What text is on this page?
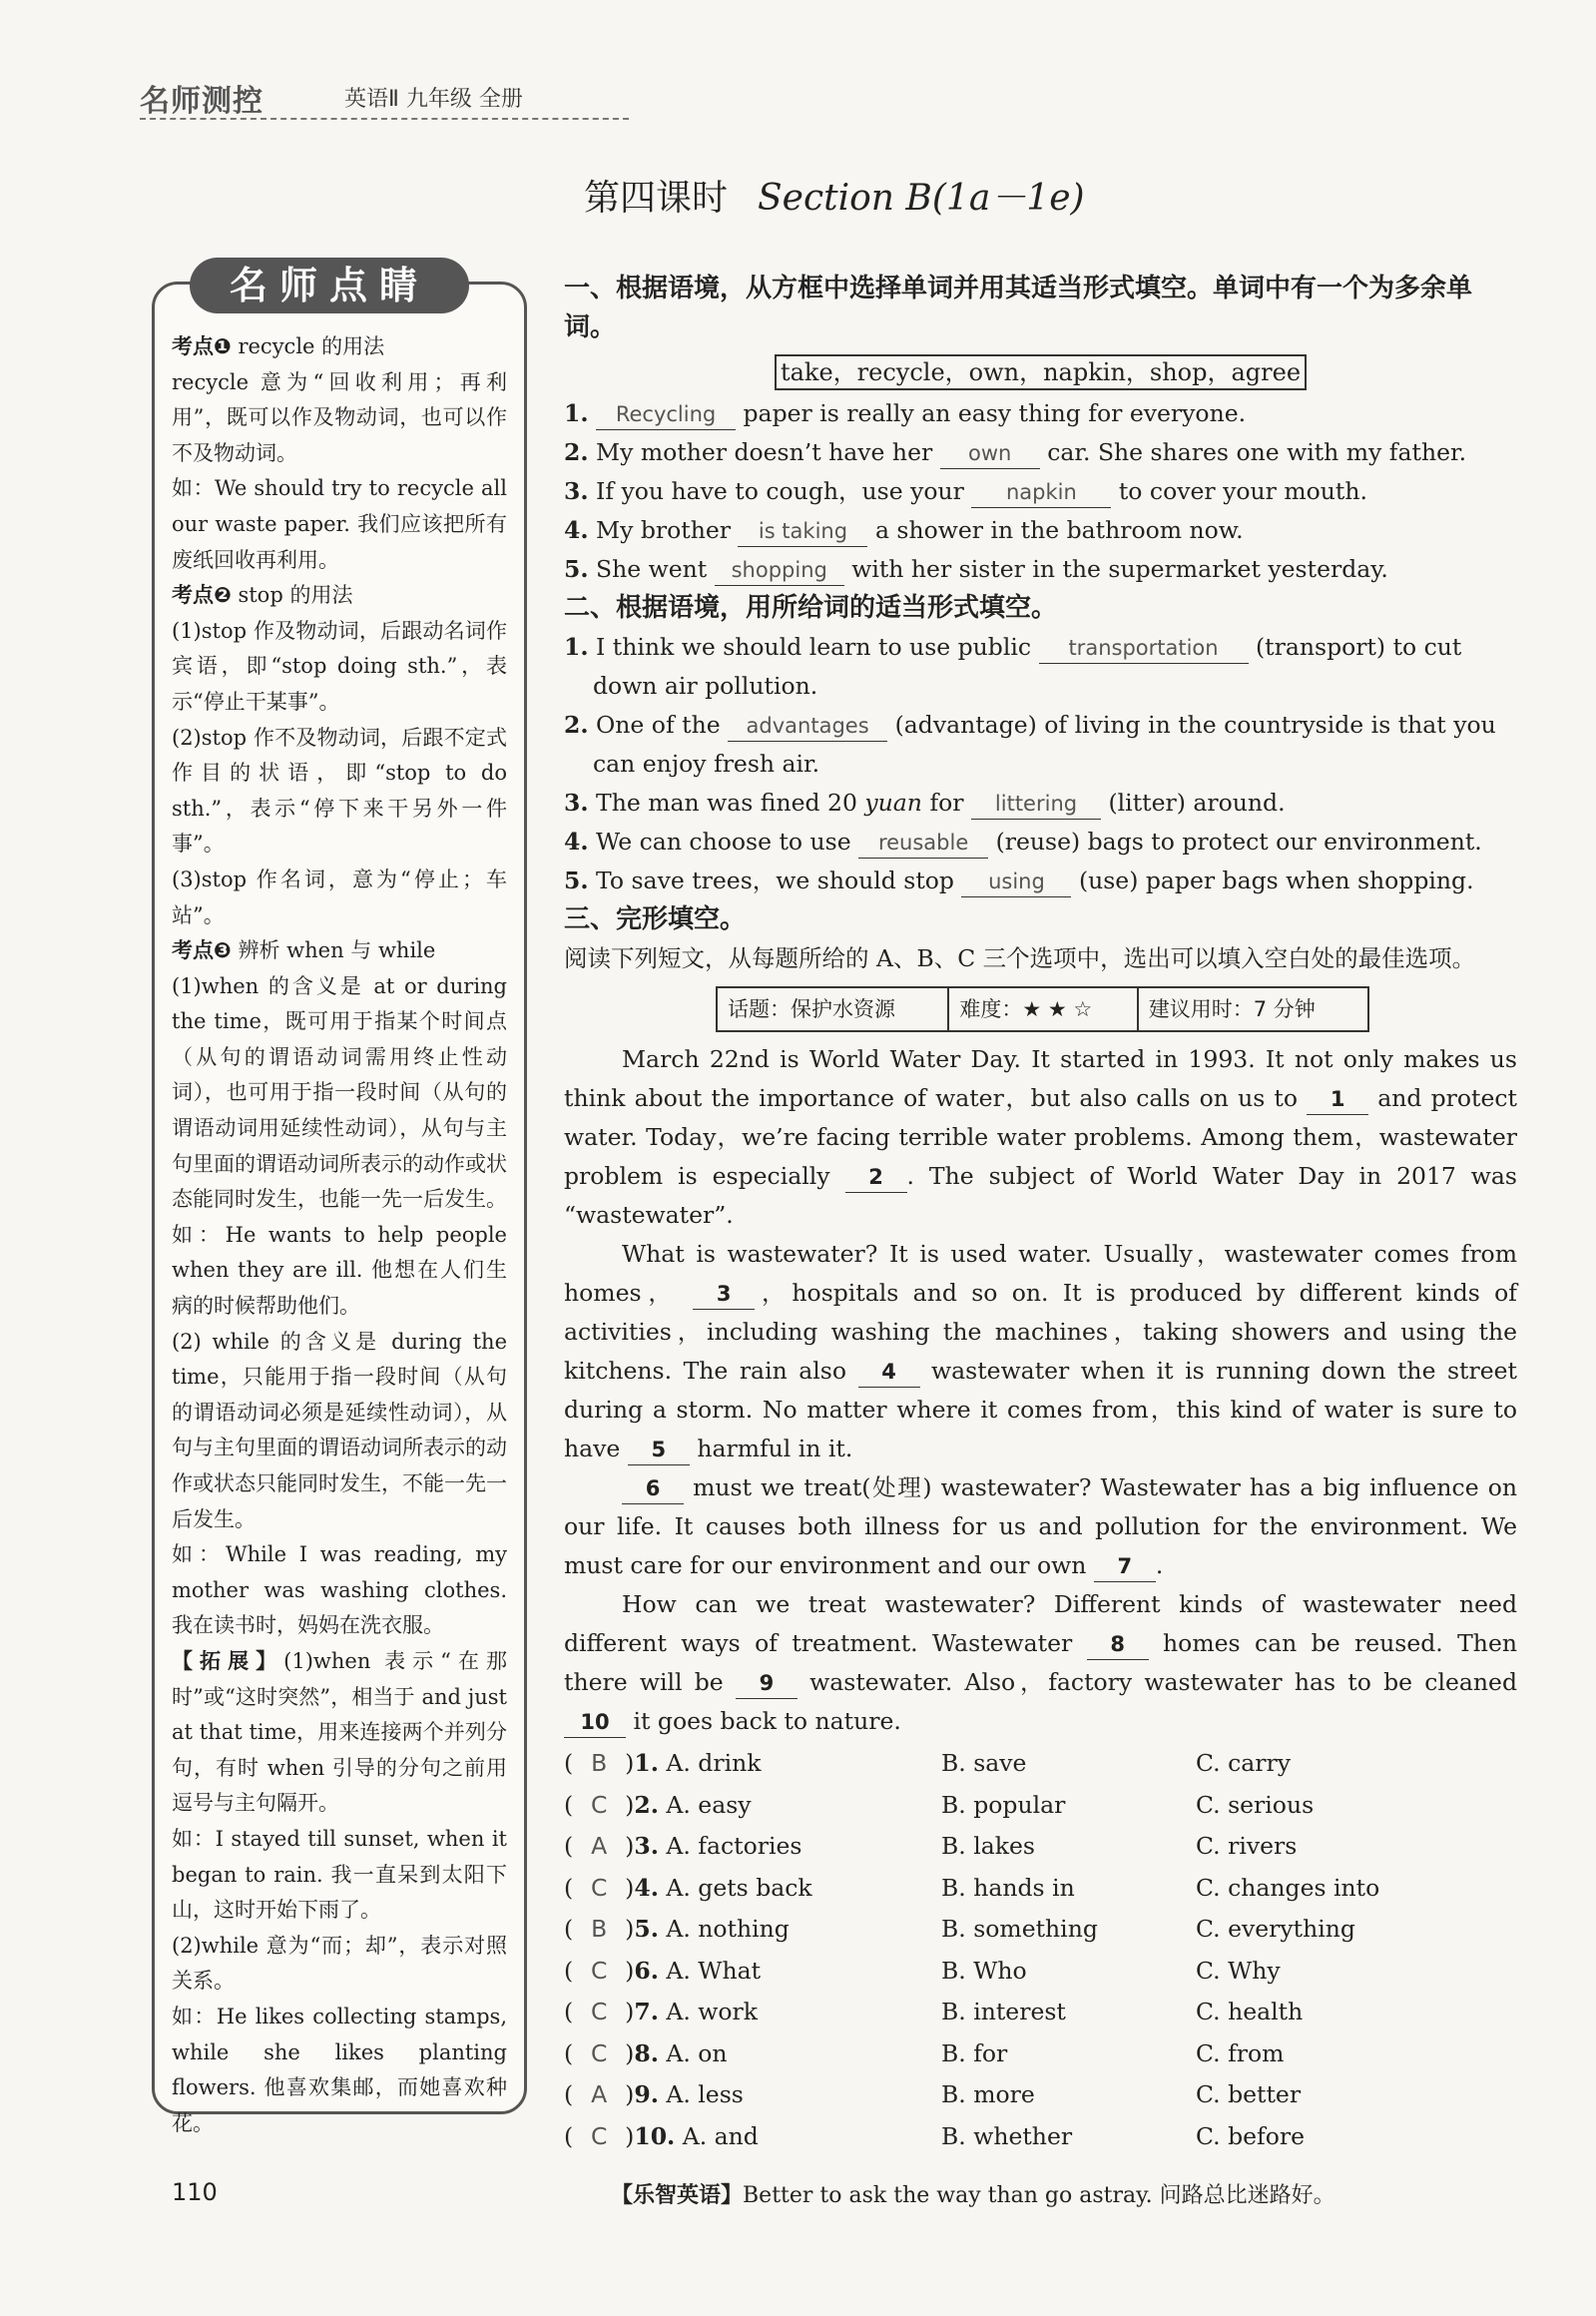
名师测控	英语Ⅱ 九年级 全册
第四课时 Section B(1a－1e)
名师点睛

考点❶ recycle 的用法

recycle 意为“回收利用；再利用”，既可以作及物动词，也可以作不及物动词。

如：We should try to recycle all our waste paper. 我们应该把所有废纸回收再利用。

考点❷ stop 的用法

(1)stop 作及物动词，后跟动名词作宾语，即“stop doing sth.”，表示“停止干某事”。

(2)stop 作不及物动词，后跟不定式作目的状语，即“stop to do sth.”，表示“停下来干另外一件事”。

(3)stop 作名词，意为“停止；车站”。

考点❸ 辨析 when 与 while

(1)when 的含义是 at or during the time，既可用于指某个时间点（从句的谓语动词需用终止性动词），也可用于指一段时间（从句的谓语动词用延续性动词），从句与主句里面的谓语动词所表示的动作或状态能同时发生，也能一先一后发生。

如：He wants to help people when they are ill. 他想在人们生病的时候帮助他们。

(2) while 的含义是 during the time，只能用于指一段时间（从句的谓语动词必须是延续性动词），从句与主句里面的谓语动词所表示的动作或状态只能同时发生，不能一先一后发生。

如：While I was reading, my mother was washing clothes. 我在读书时，妈妈在洗衣服。

【拓展】(1)when 表示“在那时”或“这时突然”，相当于 and just at that time，用来连接两个并列分句，有时 when 引导的分句之前用逗号与主句隔开。

如：I stayed till sunset, when it began to rain. 我一直呆到太阳下山，这时开始下雨了。

(2)while 意为“而；却”，表示对照关系。

如：He likes collecting stamps, while she likes planting flowers. 他喜欢集邮，而她喜欢种花。

一、根据语境，从方框中选择单词并用其适当形式填空。单词中有一个为多余单词。

take，recycle，own，napkin，shop，agree

1. Recycling paper is really an easy thing for everyone.

2. My mother doesn’t have her own car. She shares one with my father.

3. If you have to cough，use your napkin to cover your mouth.

4. My brother is taking a shower in the bathroom now.

5. She went shopping with her sister in the supermarket yesterday.

二、根据语境，用所给词的适当形式填空。

1. I think we should learn to use public transportation (transport) to cut down air pollution.

2. One of the advantages (advantage) of living in the countryside is that you can enjoy fresh air.

3. The man was fined 20 yuan for littering (litter) around.

4. We can choose to use reusable (reuse) bags to protect our environment.

5. To save trees，we should stop using (use) paper bags when shopping.

三、完形填空。

阅读下列短文，从每题所给的 A、B、C 三个选项中，选出可以填入空白处的最佳选项。

话题：保护水资源	难度：★ ★ ☆	建议用时：7 分钟

March 22nd is World Water Day. It started in 1993. It not only makes us think about the importance of water，but also calls on us to 1 and protect water. Today，we’re facing terrible water problems. Among them，wastewater problem is especially 2 . The subject of World Water Day in 2017 was “wastewater”.

What is wastewater? It is used water. Usually，wastewater comes from homes， 3 ，hospitals and so on. It is produced by different kinds of activities，including washing the machines，taking showers and using the kitchens. The rain also 4 wastewater when it is running down the street during a storm. No matter where it comes from，this kind of water is sure to have 5 harmful in it.

6 must we treat(处理) wastewater? Wastewater has a big influence on our life. It causes both illness for us and pollution for the environment. We must care for our environment and our own 7 .

How can we treat wastewater? Different kinds of wastewater need different ways of treatment. Wastewater 8 homes can be reused. Then there will be 9 wastewater. Also，factory wastewater has to be cleaned 10 it goes back to nature.

( B )1. A. drink	B. save	C. carry
( C )2. A. easy	B. popular	C. serious
( A )3. A. factories	B. lakes	C. rivers
( C )4. A. gets back	B. hands in	C. changes into
( B )5. A. nothing	B. something	C. everything
( C )6. A. What	B. Who	C. Why
( C )7. A. work	B. interest	C. health
( C )8. A. on	B. for	C. from
( A )9. A. less	B. more	C. better
( C )10. A. and	B. whether	C. before
110	【乐智英语】Better to ask the way than go astray. 问路总比迷路好。
